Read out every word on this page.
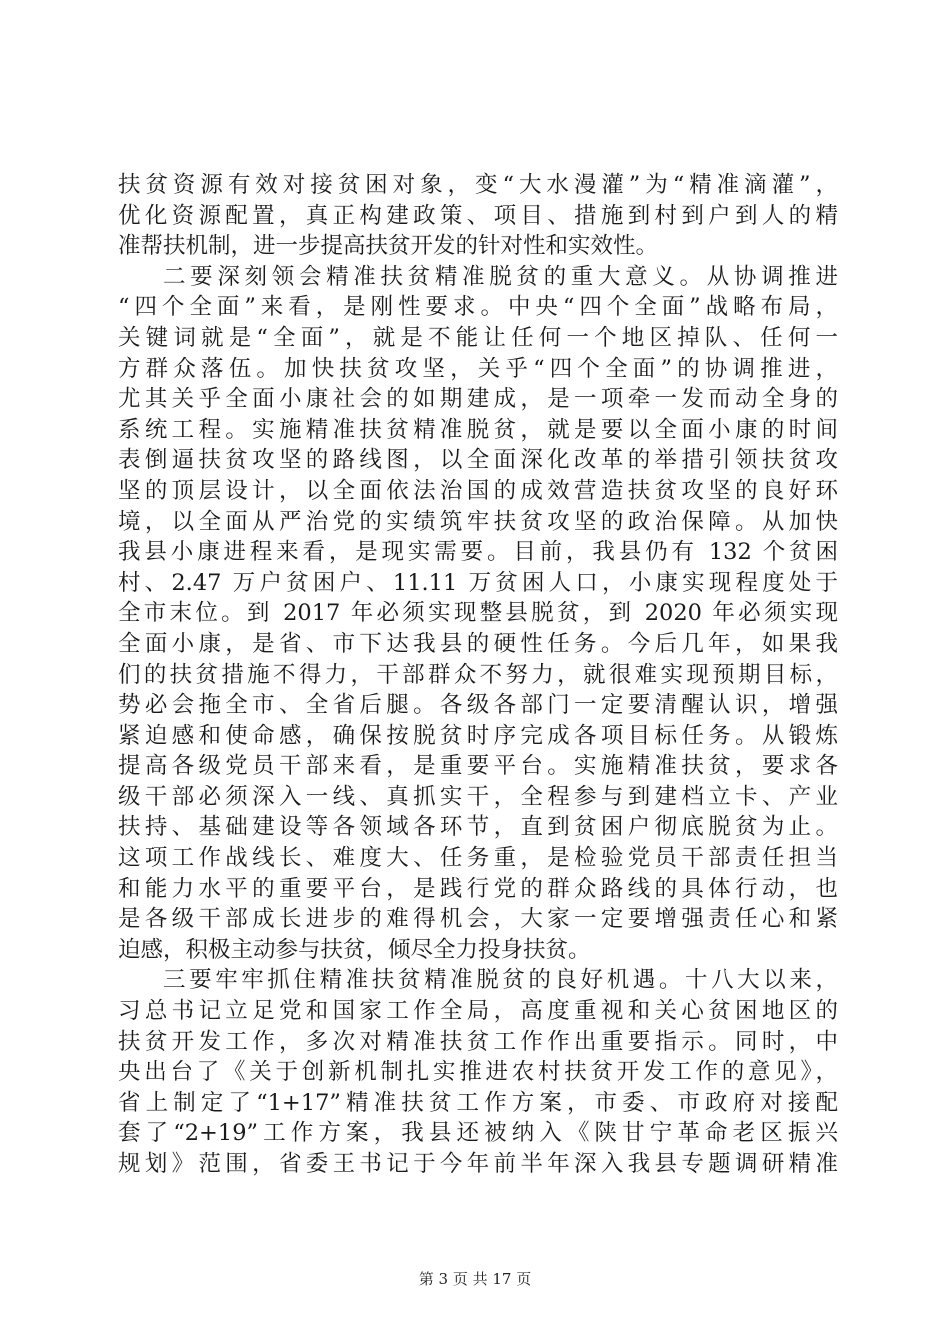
扶贫资源有效对接贫困对象，变“大水漫灌”为“精准滴灌”，
优化资源配置，真正构建政策、项目、措施到村到户到人的精
准帮扶机制，进一步提高扶贫开发的针对性和实效性。
二要深刻领会精准扶贫精准脱贫的重大意义。从协调推进
“四个全面”来看，是刚性要求。中央“四个全面”战略布局，
关键词就是“全面”，就是不能让任何一个地区掉队、任何一
方群众落伍。加快扶贫攻坚，关乎“四个全面”的协调推进，
尤其关乎全面小康社会的如期建成，是一项牵一发而动全身的
系统工程。实施精准扶贫精准脱贫，就是要以全面小康的时间
表倒逼扶贫攻坚的路线图，以全面深化改革的举措引领扶贫攻
坚的顶层设计，以全面依法治国的成效营造扶贫攻坚的良好环
境，以全面从严治党的实绩筑牢扶贫攻坚的政治保障。从加快
我县小康进程来看，是现实需要。目前，我县仍有 132 个贫困
村、2.47 万户贫困户、11.11 万贫困人口，小康实现程度处于
全市末位。到 2017 年必须实现整县脱贫，到 2020 年必须实现
全面小康，是省、市下达我县的硬性任务。今后几年，如果我
们的扶贫措施不得力，干部群众不努力，就很难实现预期目标，
势必会拖全市、全省后腿。各级各部门一定要清醒认识，增强
紧迫感和使命感，确保按脱贫时序完成各项目标任务。从锻炼
提高各级党员干部来看，是重要平台。实施精准扶贫，要求各
级干部必须深入一线、真抓实干，全程参与到建档立卡、产业
扶持、基础建设等各领域各环节，直到贫困户彻底脱贫为止。
这项工作战线长、难度大、任务重，是检验党员干部责任担当
和能力水平的重要平台，是践行党的群众路线的具体行动，也
是各级干部成长进步的难得机会，大家一定要增强责任心和紧
迫感，积极主动参与扶贫，倾尽全力投身扶贫。
三要牢牢抓住精准扶贫精准脱贫的良好机遇。十八大以来，
习总书记立足党和国家工作全局，高度重视和关心贫困地区的
扶贫开发工作，多次对精准扶贫工作作出重要指示。同时，中
央出台了《关于创新机制扎实推进农村扶贫开发工作的意见》，
省上制定了“1+17”精准扶贫工作方案，市委、市政府对接配
套了“2+19”工作方案，我县还被纳入《陕甘宁革命老区振兴
规划》范围，省委王书记于今年前半年深入我县专题调研精准
第 3 页 共 17 页
